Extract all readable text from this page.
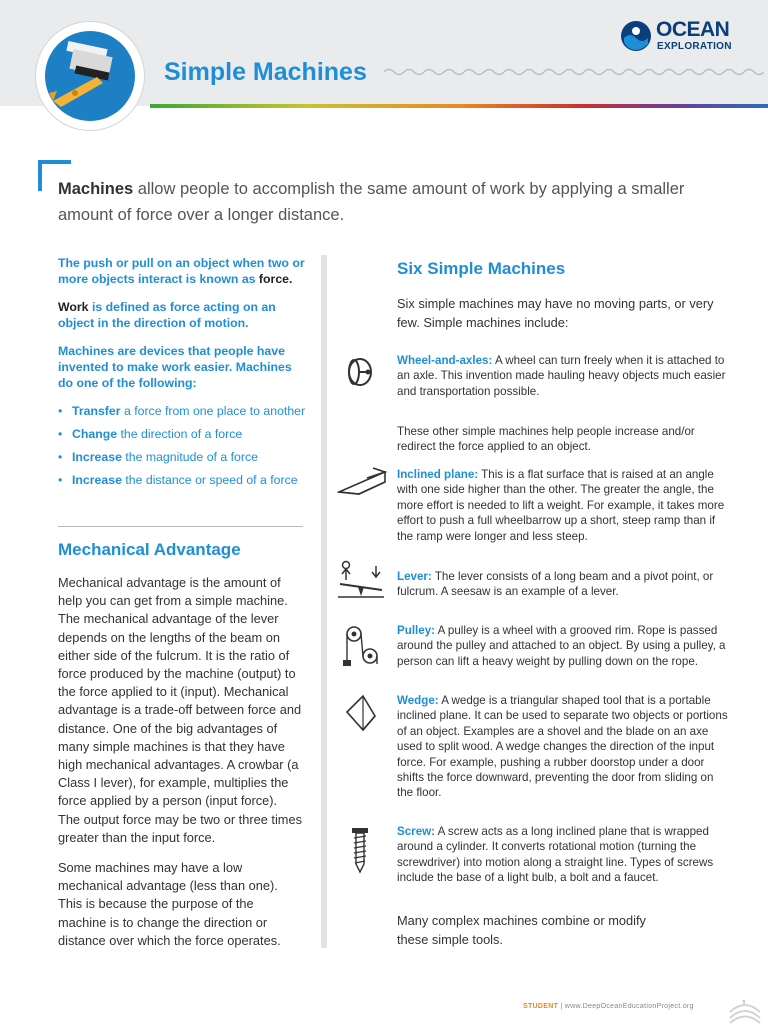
Simple Machines
OCEAN
EXPLORATION
Machines allow people to accomplish the same amount of work by applying a smaller amount of force over a longer distance.

The push or pull on an object when two or more objects interact is known as force.

Work is defined as force acting on an object in the direction of motion.

Machines are devices that people have invented to make work easier. Machines do one of the following:

• Transfer a force from one place to another
• Change the direction of a force
• Increase the magnitude of a force
• Increase the distance or speed of a force
Mechanical Advantage

Mechanical advantage is the amount of help you can get from a simple machine. The mechanical advantage of the lever depends on the lengths of the beam on either side of the fulcrum. It is the ratio of force produced by the machine (output) to the force applied to it (input). Mechanical advantage is a trade-off between force and distance. One of the big advantages of many simple machines is that they have high mechanical advantages. A crowbar (a Class I lever), for example, multiplies the force applied by a person (input force). The output force may be two or three times greater than the input force.

Some machines may have a low mechanical advantage (less than one). This is because the purpose of the machine is to change the direction or distance over which the force operates.

Six Simple Machines
Six simple machines may have no moving parts, or very few. Simple machines include:
Wheel-and-axles: A wheel can turn freely when it is attached to an axle. This invention made hauling heavy objects much easier and transportation possible.
These other simple machines help people increase and/or redirect the force applied to an object.
Inclined plane: This is a flat surface that is raised at an angle with one side higher than the other. The greater the angle, the more effort is needed to lift a weight. For example, it takes more effort to push a full wheelbarrow up a short, steep ramp than if the ramp were longer and less steep.
Lever: The lever consists of a long beam and a pivot point, or fulcrum. A seesaw is an example of a lever.
Pulley: A pulley is a wheel with a grooved rim. Rope is passed around the pulley and attached to an object. By using a pulley, a person can lift a heavy weight by pulling down on the rope.
Wedge: A wedge is a triangular shaped tool that is a portable inclined plane. It can be used to separate two objects or portions of an object. Examples are a shovel and the blade on an axe used to split wood. A wedge changes the direction of the input force. For example, pushing a rubber doorstop under a door shifts the force downward, preventing the door from sliding on the floor.
Screw: A screw acts as a long inclined plane that is wrapped around a cylinder. It converts rotational motion (turning the screwdriver) into motion along a straight line. Types of screws include the base of a light bulb, a bolt and a faucet.
Many complex machines combine or modify these simple tools.
STUDENT | www.DeepOceanEducationProject.org	1
